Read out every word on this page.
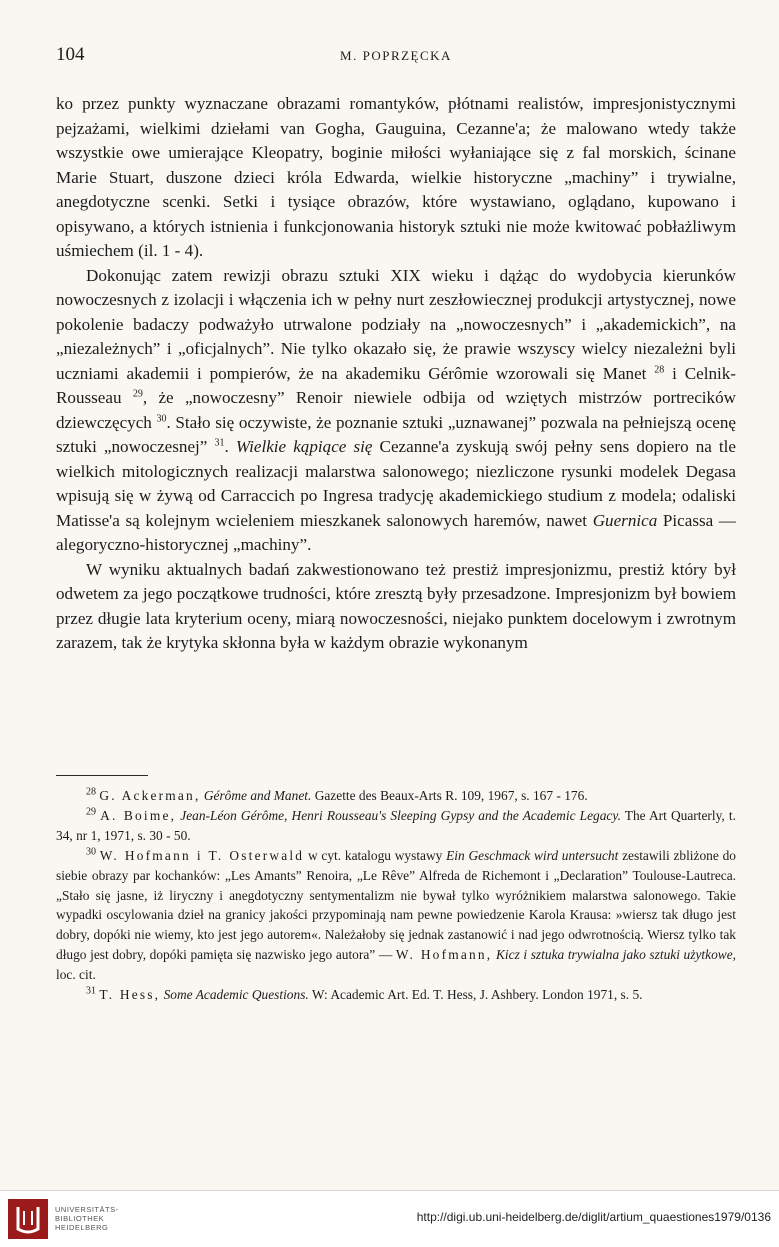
104	M. POPRZĘCKA

ko przez punkty wyznaczane obrazami romantyków, płótnami realistów, impresjonistycznymi pejzażami, wielkimi dziełami van Gogha, Gauguina, Cezanne'a; że malowano wtedy także wszystkie owe umierające Kleopatry, boginie miłości wyłaniające się z fal morskich, ścinane Marie Stuart, duszone dzieci króla Edwarda, wielkie historyczne „machiny” i trywialne, anegdotyczne scenki. Setki i tysiące obrazów, które wystawiano, oglądano, kupowano i opisywano, a których istnienia i funkcjonowania historyk sztuki nie może kwitować pobłażliwym uśmiechem (il. 1 - 4).

Dokonując zatem rewizji obrazu sztuki XIX wieku i dążąc do wydobycia kierunków nowoczesnych z izolacji i włączenia ich w pełny nurt zeszłowiecznej produkcji artystycznej, nowe pokolenie badaczy podważyło utrwalone podziały na „nowoczesnych” i „akademickich”, na „niezależnych” i „oficjalnych”. Nie tylko okazało się, że prawie wszyscy wielcy niezależni byli uczniami akademii i pompierów, że na akademiku Gérômie wzorowali się Manet $^{28}$ i Celnik-Rousseau $^{29}$, że „nowoczesny” Renoir niewiele odbija od wziętych mistrzów portrecików dziewczęcych $^{30}$. Stało się oczywiste, że poznanie sztuki „uznawanej” pozwala na pełniejszą ocenę sztuki „nowoczesnej” $^{31}$. Wielkie kąpiące się Cezanne'a zyskują swój pełny sens dopiero na tle wielkich mitologicznych realizacji malarstwa salonowego; niezliczone rysunki modelek Degasa wpisują się w żywą od Carraccich po Ingresa tradycję akademickiego studium z modela; odaliski Matisse'a są kolejnym wcieleniem mieszkanek salonowych haremów, nawet Guernica Picassa — alegoryczno-historycznej „machiny”.

W wyniku aktualnych badań zakwestionowano też prestiż impresjonizmu, prestiż który był odwetem za jego początkowe trudności, które zresztą były przesadzone. Impresjonizm był bowiem przez długie lata kryterium oceny, miarą nowoczesności, niejako punktem docelowym i zwrotnym zarazem, tak że krytyka skłonna była w każdym obrazie wykonanym

$^{28}$ G. Ackerman, Gérôme and Manet. Gazette des Beaux-Arts R. 109, 1967, s. 167 - 176.

$^{29}$ A. Boime, Jean-Léon Gérôme, Henri Rousseau's Sleeping Gypsy and the Academic Legacy. The Art Quarterly, t. 34, nr 1, 1971, s. 30 - 50.

$^{30}$ W. Hofmann i T. Osterwald w cyt. katalogu wystawy Ein Geschmack wird untersucht zestawili zbliżone do siebie obrazy par kochanków: „Les Amants” Renoira, „Le Rêve” Alfreda de Richemont i „Declaration” Toulouse-Lautreca. „Stało się jasne, iż liryczny i anegdotyczny sentymentalizm nie bywał tylko wyróżnikiem malarstwa salonowego. Takie wypadki oscylowania dzieł na granicy jakości przypominają nam pewne powiedzenie Karola Krausa: »wiersz tak długo jest dobry, dopóki nie wiemy, kto jest jego autorem«. Należałoby się jednak zastanowić i nad jego odwrotnością. Wiersz tylko tak długo jest dobry, dopóki pamięta się nazwisko jego autora” — W. Hofmann, Kicz i sztuka trywialna jako sztuki użytkowe, loc. cit.

$^{31}$ T. Hess, Some Academic Questions. W: Academic Art. Ed. T. Hess, J. Ashbery. London 1971, s. 5.

UNIVERSITÄTS-
BIBLIOTHEK
HEIDELBERG
http://digi.ub.uni-heidelberg.de/diglit/artium_quaestiones1979/0136
